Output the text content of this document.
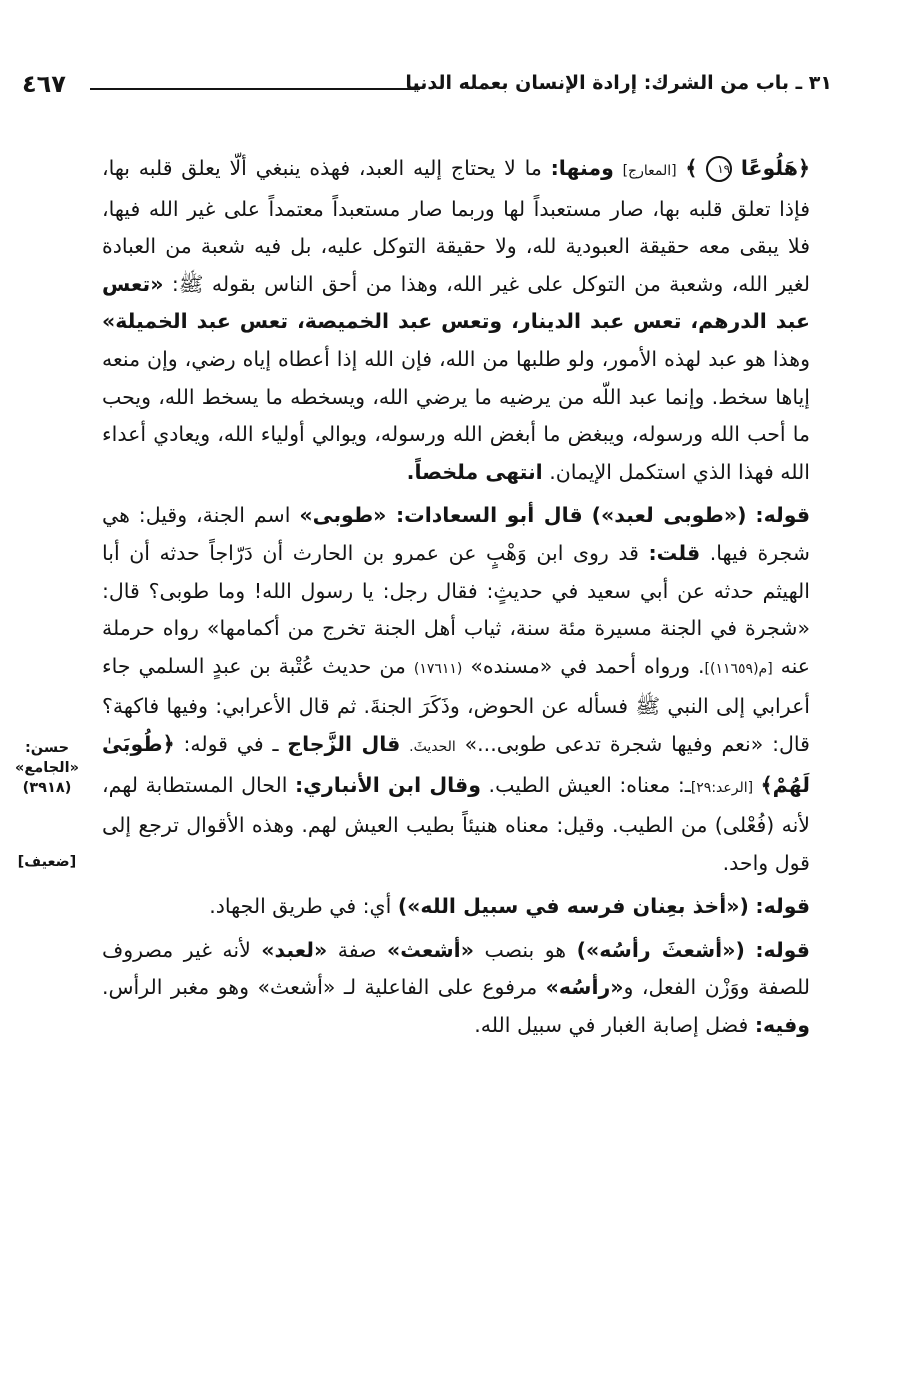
٤٦٧	٣١ ـ باب من الشرك: إرادة الإنسان بعمله الدنيا
حسن:
«الجامع»
(٣٩١٨)
[ضعيف]

﴿هَلُوعًا ١٩ ﴾ [المعارج] ومنها: ما لا يحتاج إليه العبد، فهذه ينبغي ألّا يعلق قلبه بها، فإذا تعلق قلبه بها، صار مستعبداً لها وربما صار مستعبداً معتمداً على غير الله فيها، فلا يبقى معه حقيقة العبودية لله، ولا حقيقة التوكل عليه، بل فيه شعبة من العبادة لغير الله، وشعبة من التوكل على غير الله، وهذا من أحق الناس بقوله ﷺ: «تعس عبد الدرهم، تعس عبد الدينار، وتعس عبد الخميصة، تعس عبد الخميلة» وهذا هو عبد لهذه الأمور، ولو طلبها من الله، فإن الله إذا أعطاه إياه رضي، وإن منعه إياها سخط. وإنما عبد اللّه من يرضيه ما يرضي الله، ويسخطه ما يسخط الله، ويحب ما أحب الله ورسوله، ويبغض ما أبغض الله ورسوله، ويوالي أولياء الله، ويعادي أعداء الله فهذا الذي استكمل الإيمان. انتهى ملخصاً.

قوله: («طوبى لعبد») قال أبو السعادات: «طوبى» اسم الجنة، وقيل: هي شجرة فيها. قلت: قد روى ابن وَهْبٍ عن عمرو بن الحارث أن دَرّاجاً حدثه أن أبا الهيثم حدثه عن أبي سعيد في حديثٍ: فقال رجل: يا رسول الله! وما طوبى؟ قال: «شجرة في الجنة مسيرة مئة سنة، ثياب أهل الجنة تخرج من أكمامها» رواه حرملة عنه [م(١١٦٥٩)]. ورواه أحمد في «مسنده» (١٧٦١١) من حديث عُتْبة بن عبدٍ السلمي جاء أعرابي إلى النبي ﷺ فسأله عن الحوض، وذَكَرَ الجنةَ. ثم قال الأعرابي: وفيها فاكهة؟ قال: «نعم وفيها شجرة تدعى طوبى...» الحديثَ. قال الزَّجاج ـ في قوله: ﴿طُوبَىٰ لَهُمْ﴾ [الرعد:٢٩]ـ: معناه: العيش الطيب. وقال ابن الأنباري: الحال المستطابة لهم، لأنه (فُعْلى) من الطيب. وقيل: معناه هنيئاً بطيب العيش لهم. وهذه الأقوال ترجع إلى قول واحد.

قوله: («أخذ بعِنان فرسه في سبيل الله») أي: في طريق الجهاد.

قوله: («أشعثَ رأسُه») هو بنصب «أشعث» صفة «لعبد» لأنه غير مصروف للصفة ووَزْن الفعل، و«رأسُه» مرفوع على الفاعلية لـ «أشعث» وهو مغبر الرأس. وفيه: فضل إصابة الغبار في سبيل الله.
